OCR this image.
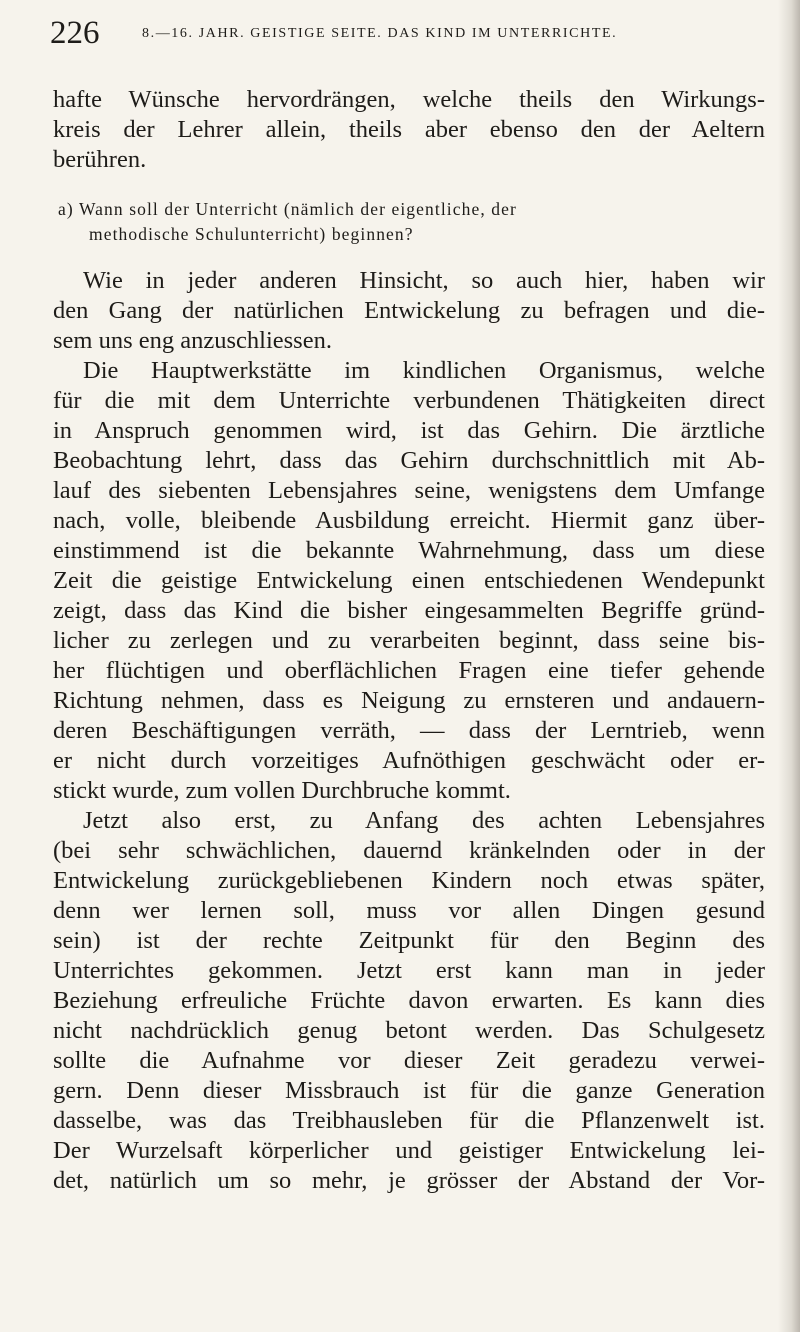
226	8.—16. JAHR. GEISTIGE SEITE. DAS KIND IM UNTERRICHTE.
hafte Wünsche hervordrängen, welche theils den Wirkungs-
kreis der Lehrer allein, theils aber ebenso den der Aeltern
berühren.
a) Wann soll der Unterricht (nämlich der eigentliche, der
methodische Schulunterricht) beginnen?
Wie in jeder anderen Hinsicht, so auch hier, haben wir
den Gang der natürlichen Entwickelung zu befragen und die-
sem uns eng anzuschliessen.
Die Hauptwerkstätte im kindlichen Organismus, welche
für die mit dem Unterrichte verbundenen Thätigkeiten direct
in Anspruch genommen wird, ist das Gehirn. Die ärztliche
Beobachtung lehrt, dass das Gehirn durchschnittlich mit Ab-
lauf des siebenten Lebensjahres seine, wenigstens dem Umfange
nach, volle, bleibende Ausbildung erreicht. Hiermit ganz über-
einstimmend ist die bekannte Wahrnehmung, dass um diese
Zeit die geistige Entwickelung einen entschiedenen Wendepunkt
zeigt, dass das Kind die bisher eingesammelten Begriffe gründ-
licher zu zerlegen und zu verarbeiten beginnt, dass seine bis-
her flüchtigen und oberflächlichen Fragen eine tiefer gehende
Richtung nehmen, dass es Neigung zu ernsteren und andauern-
deren Beschäftigungen verräth, — dass der Lerntrieb, wenn
er nicht durch vorzeitiges Aufnöthigen geschwächt oder er-
stickt wurde, zum vollen Durchbruche kommt.
Jetzt also erst, zu Anfang des achten Lebensjahres
(bei sehr schwächlichen, dauernd kränkelnden oder in der
Entwickelung zurückgebliebenen Kindern noch etwas später,
denn wer lernen soll, muss vor allen Dingen gesund
sein) ist der rechte Zeitpunkt für den Beginn des
Unterrichtes gekommen. Jetzt erst kann man in jeder
Beziehung erfreuliche Früchte davon erwarten. Es kann dies
nicht nachdrücklich genug betont werden. Das Schulgesetz
sollte die Aufnahme vor dieser Zeit geradezu verwei-
gern. Denn dieser Missbrauch ist für die ganze Generation
dasselbe, was das Treibhausleben für die Pflanzenwelt ist.
Der Wurzelsaft körperlicher und geistiger Entwickelung lei-
det, natürlich um so mehr, je grösser der Abstand der Vor-
